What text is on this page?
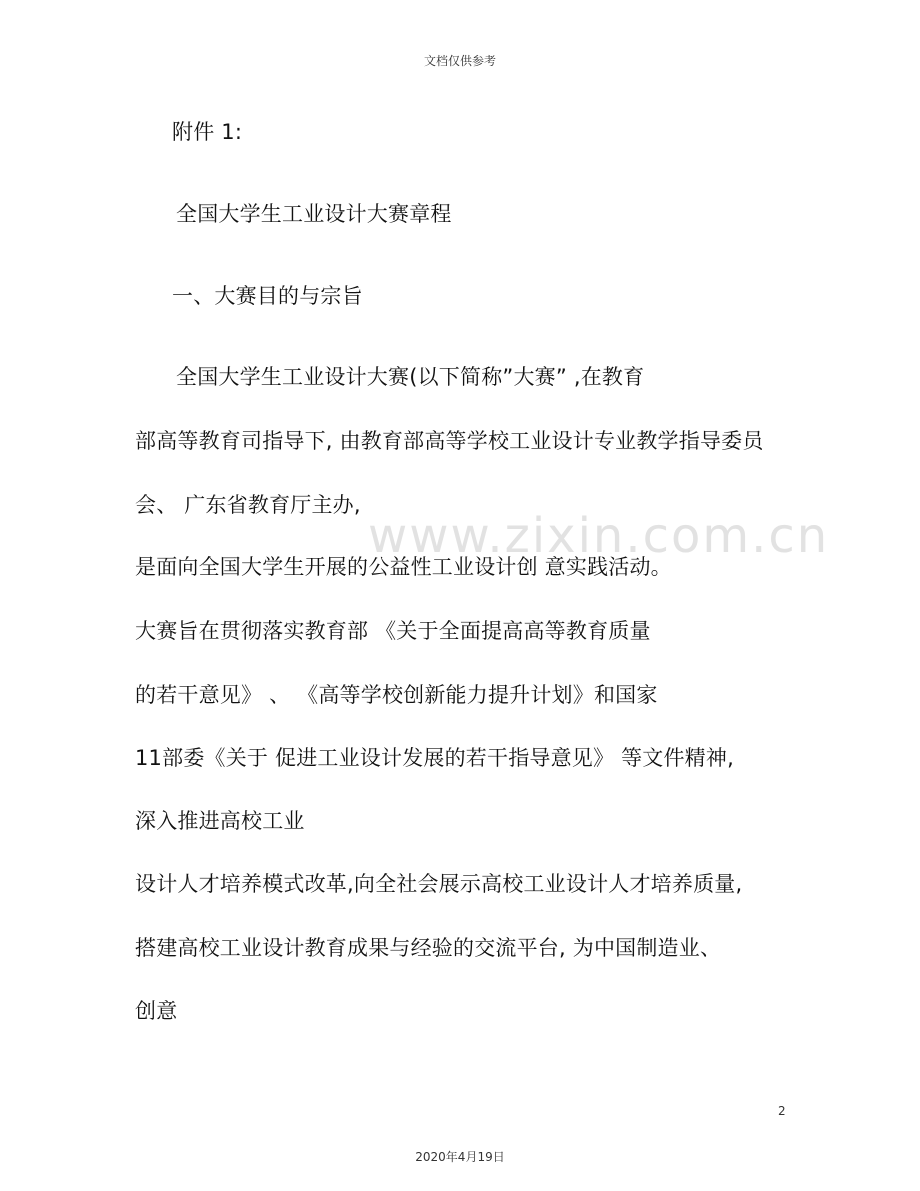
文档仅供参考
www.zixin.com.cn
附件 1:
全国大学生工业设计大赛章程
一、大赛目的与宗旨
全国大学生工业设计大赛(以下简称”大赛” ,在教育
部高等教育司指导下, 由教育部高等学校工业设计专业教学指导委员
会、 广东省教育厅主办,
是面向全国大学生开展的公益性工业设计创 意实践活动。
大赛旨在贯彻落实教育部 《关于全面提高高等教育质量
的若干意见》 、 《高等学校创新能力提升计划》和国家
11部委《关于 促进工业设计发展的若干指导意见》 等文件精神,
深入推进高校工业
设计人才培养模式改革,向全社会展示高校工业设计人才培养质量,
搭建高校工业设计教育成果与经验的交流平台, 为中国制造业、
创意
2
2020年4月19日
